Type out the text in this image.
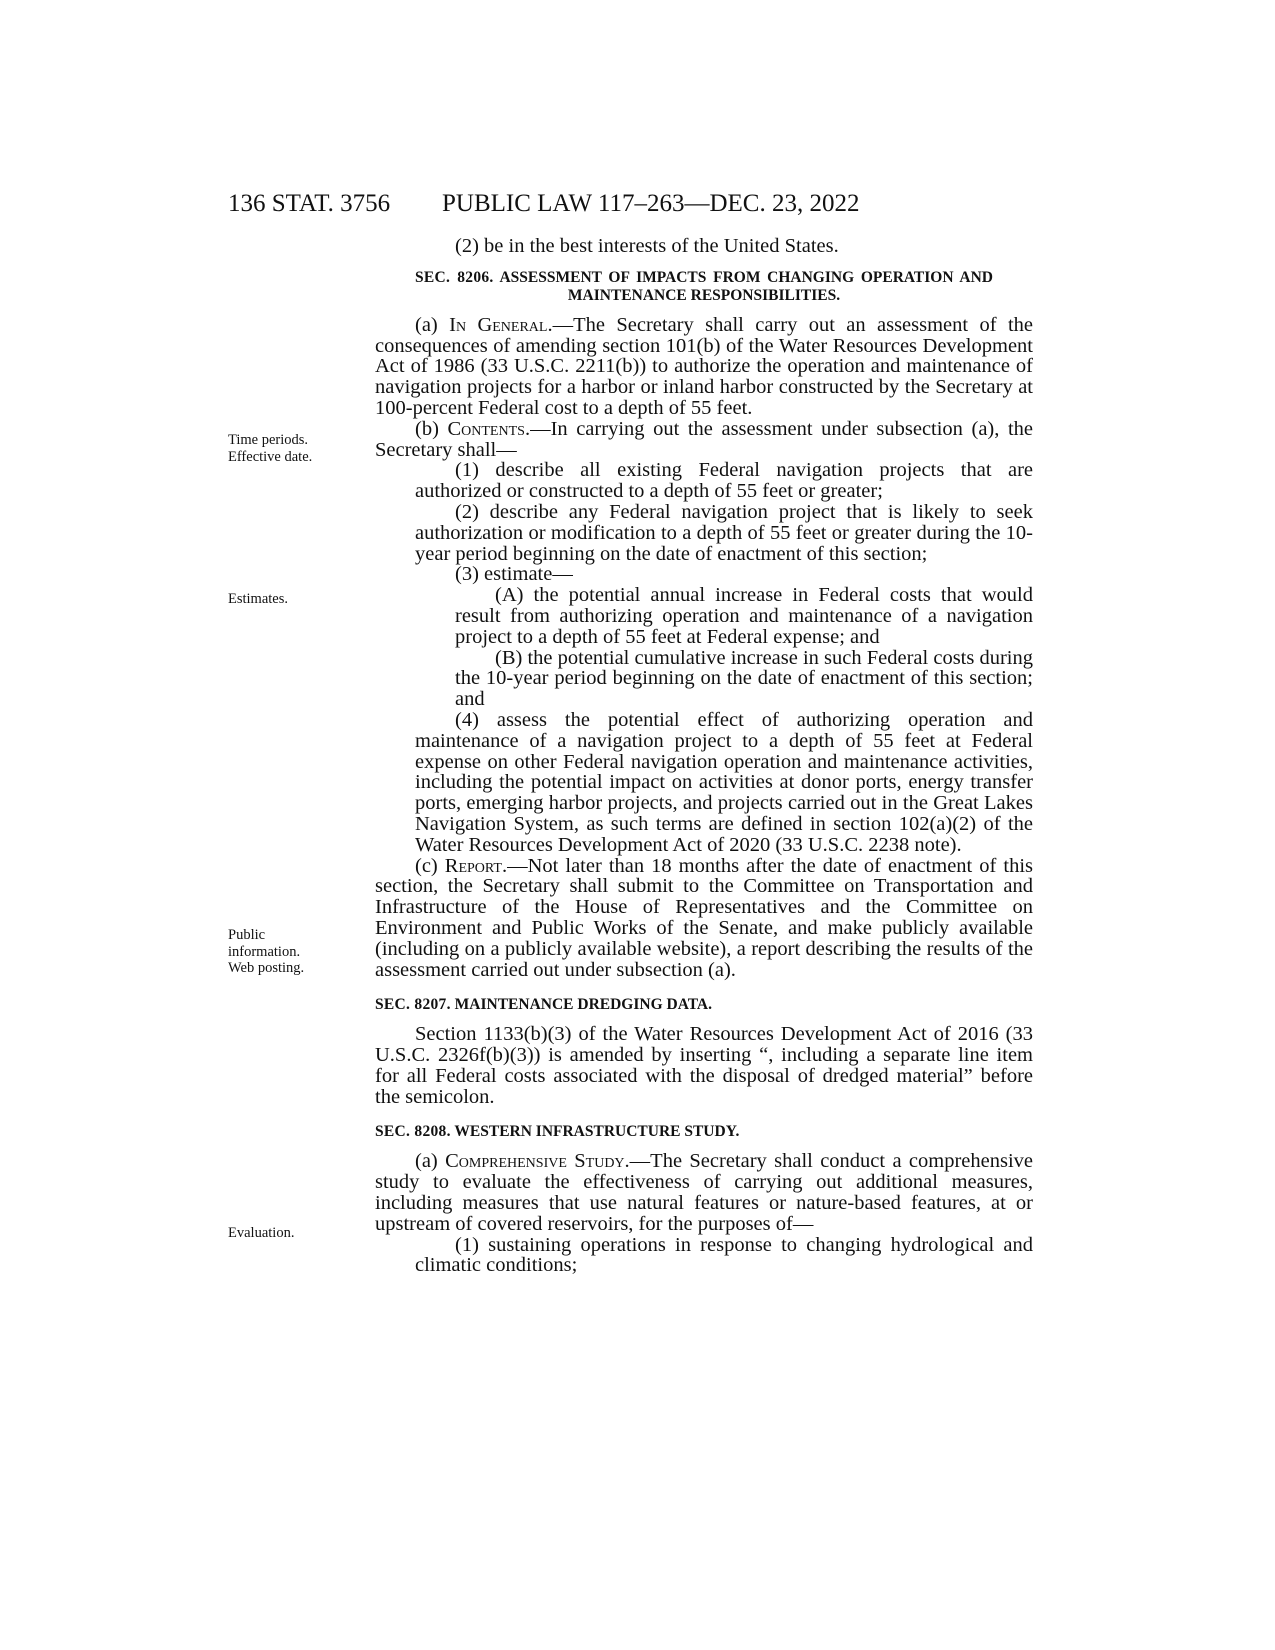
136 STAT. 3756 PUBLIC LAW 117–263—DEC. 23, 2022
Time periods.
Effective date.
Estimates.
Public
information.
Web posting.
Evaluation.

(2) be in the best interests of the United States.

SEC. 8206. ASSESSMENT OF IMPACTS FROM CHANGING OPERATION AND MAINTENANCE RESPONSIBILITIES.

(a) In General.—The Secretary shall carry out an assessment of the consequences of amending section 101(b) of the Water Resources Development Act of 1986 (33 U.S.C. 2211(b)) to authorize the operation and maintenance of navigation projects for a harbor or inland harbor constructed by the Secretary at 100-percent Federal cost to a depth of 55 feet.

(b) Contents.—In carrying out the assessment under subsection (a), the Secretary shall—

(1) describe all existing Federal navigation projects that are authorized or constructed to a depth of 55 feet or greater;

(2) describe any Federal navigation project that is likely to seek authorization or modification to a depth of 55 feet or greater during the 10-year period beginning on the date of enactment of this section;

(3) estimate—

(A) the potential annual increase in Federal costs that would result from authorizing operation and maintenance of a navigation project to a depth of 55 feet at Federal expense; and

(B) the potential cumulative increase in such Federal costs during the 10-year period beginning on the date of enactment of this section; and

(4) assess the potential effect of authorizing operation and maintenance of a navigation project to a depth of 55 feet at Federal expense on other Federal navigation operation and maintenance activities, including the potential impact on activities at donor ports, energy transfer ports, emerging harbor projects, and projects carried out in the Great Lakes Navigation System, as such terms are defined in section 102(a)(2) of the Water Resources Development Act of 2020 (33 U.S.C. 2238 note).

(c) Report.—Not later than 18 months after the date of enactment of this section, the Secretary shall submit to the Committee on Transportation and Infrastructure of the House of Representatives and the Committee on Environment and Public Works of the Senate, and make publicly available (including on a publicly available website), a report describing the results of the assessment carried out under subsection (a).

SEC. 8207. MAINTENANCE DREDGING DATA.

Section 1133(b)(3) of the Water Resources Development Act of 2016 (33 U.S.C. 2326f(b)(3)) is amended by inserting “, including a separate line item for all Federal costs associated with the disposal of dredged material” before the semicolon.

SEC. 8208. WESTERN INFRASTRUCTURE STUDY.

(a) Comprehensive Study.—The Secretary shall conduct a comprehensive study to evaluate the effectiveness of carrying out additional measures, including measures that use natural features or nature-based features, at or upstream of covered reservoirs, for the purposes of—

(1) sustaining operations in response to changing hydrological and climatic conditions;
